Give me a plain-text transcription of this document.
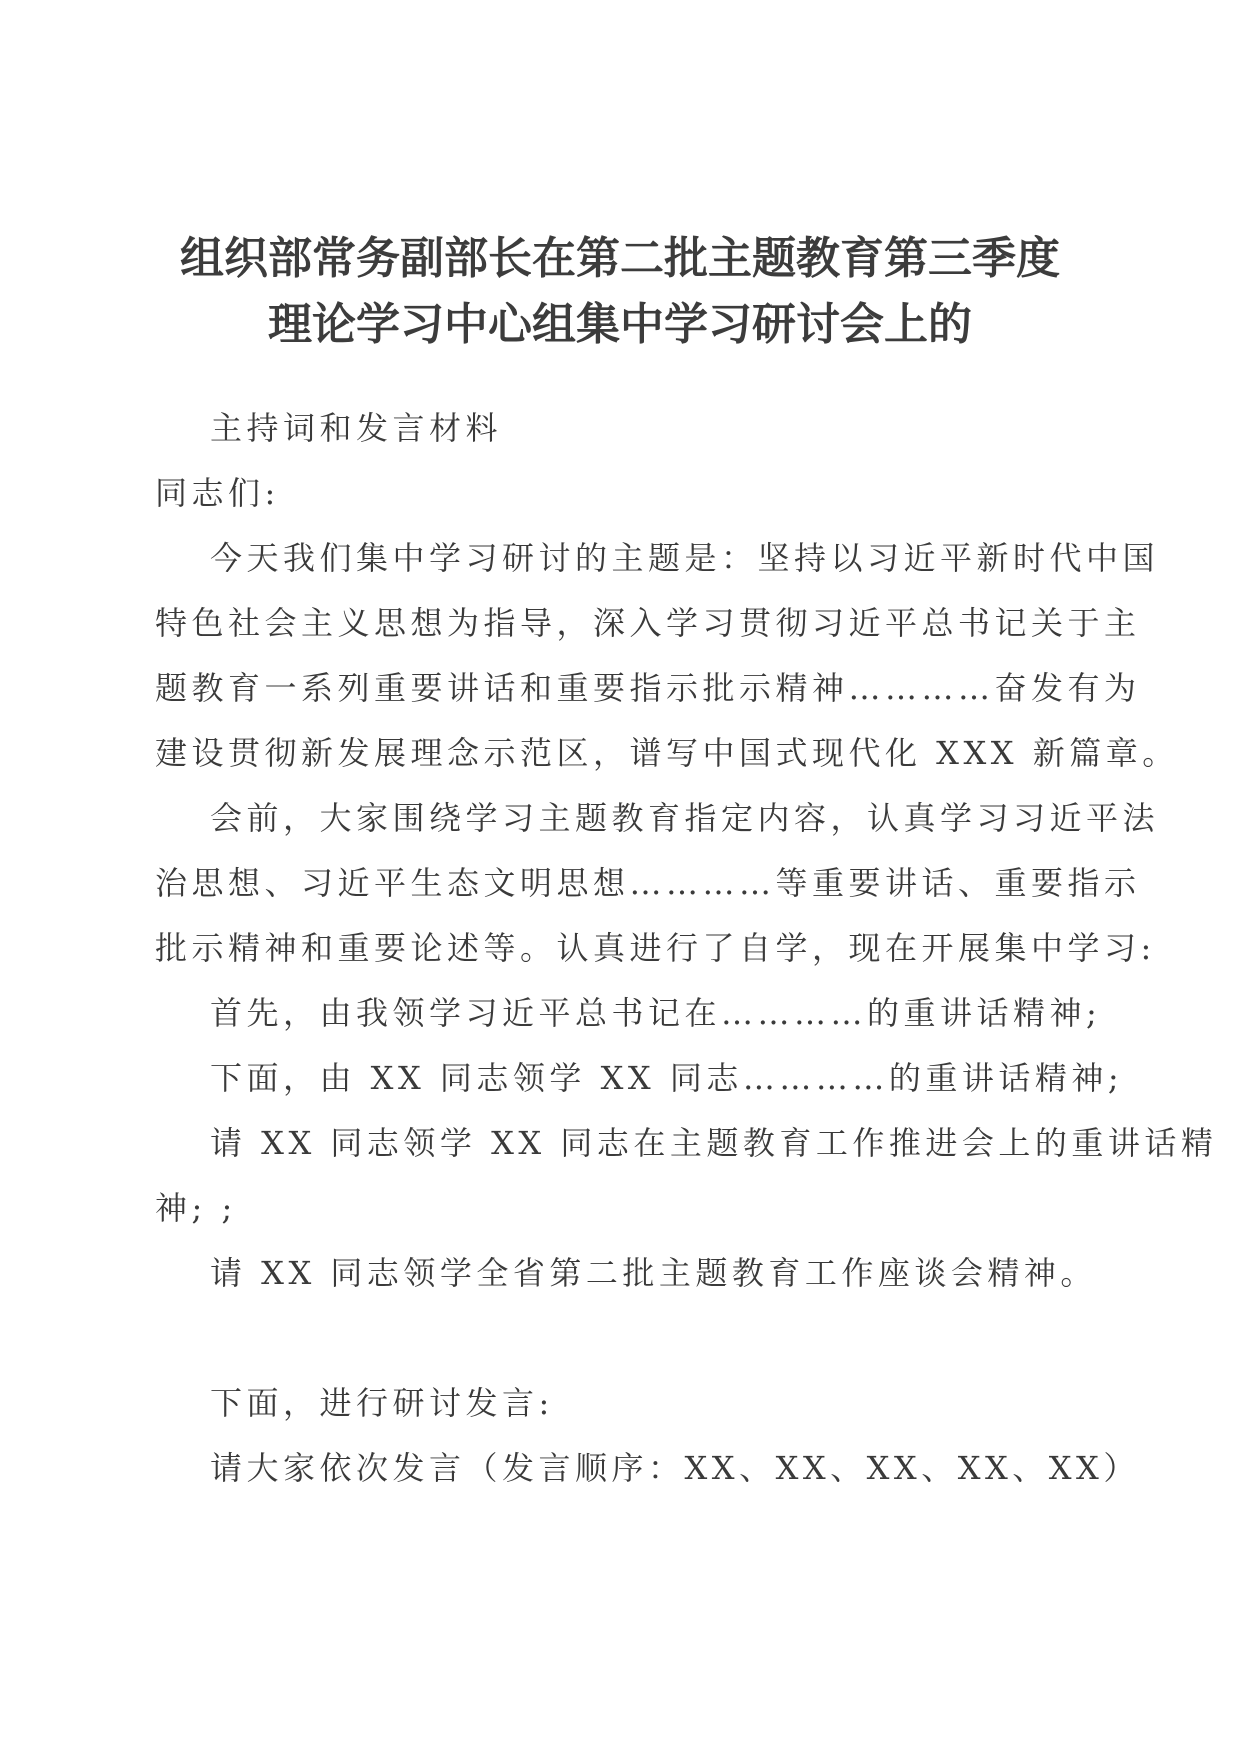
组织部常务副部长在第二批主题教育第三季度
理论学习中心组集中学习研讨会上的
主持词和发言材料
同志们:
今天我们集中学习研讨的主题是：坚持以习近平新时代中国
特色社会主义思想为指导，深入学习贯彻习近平总书记关于主
题教育一系列重要讲话和重要指示批示精神…………奋发有为
建设贯彻新发展理念示范区，谱写中国式现代化 XXX 新篇章。
会前，大家围绕学习主题教育指定内容，认真学习习近平法
治思想、习近平生态文明思想…………等重要讲话、重要指示
批示精神和重要论述等。认真进行了自学，现在开展集中学习:
首先，由我领学习近平总书记在…………的重讲话精神;
下面，由 XX 同志领学 XX 同志…………的重讲话精神;
请 XX 同志领学 XX 同志在主题教育工作推进会上的重讲话精
神; ;
请 XX 同志领学全省第二批主题教育工作座谈会精神。
下面，进行研讨发言:
请大家依次发言（发言顺序：XX、XX、XX、XX、XX）
